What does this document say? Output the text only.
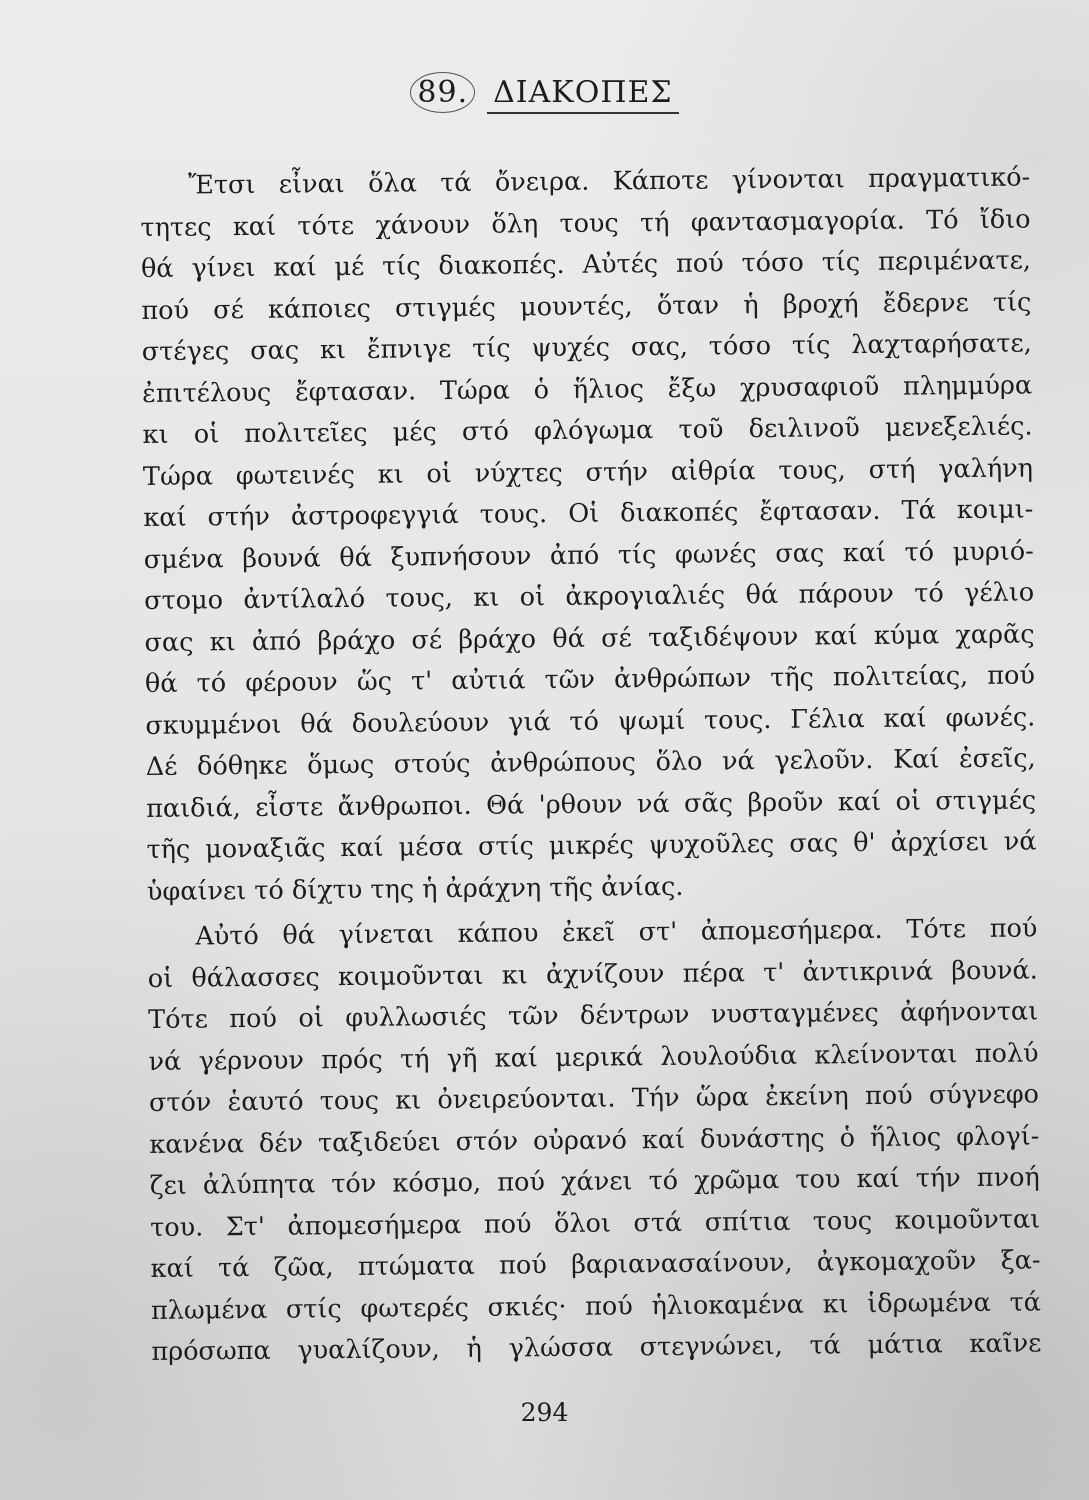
89. ΔΙΑΚΟΠΕΣ
Ἔτσι εἶναι ὅλα τά ὄνειρα. Κάποτε γίνονται πραγματικό-
τητες καί τότε χάνουν ὅλη τους τή φαντασμαγορία. Τό ἴδιο
θά γίνει καί μέ τίς διακοπές. Αὐτές πού τόσο τίς περιμένατε,
πού σέ κάποιες στιγμές μουντές, ὅταν ἡ βροχή ἔδερνε τίς
στέγες σας κι ἔπνιγε τίς ψυχές σας, τόσο τίς λαχταρήσατε,
ἐπιτέλους ἔφτασαν. Τώρα ὁ ἥλιος ἔξω χρυσαφιοῦ πλημμύρα
κι οἱ πολιτεῖες μές στό φλόγωμα τοῦ δειλινοῦ μενεξελιές.
Τώρα φωτεινές κι οἱ νύχτες στήν αἰθρία τους, στή γαλήνη
καί στήν ἀστροφεγγιά τους. Οἱ διακοπές ἔφτασαν. Τά κοιμι-
σμένα βουνά θά ξυπνήσουν ἀπό τίς φωνές σας καί τό μυριό-
στομο ἀντίλαλό τους, κι οἱ ἀκρογιαλιές θά πάρουν τό γέλιο
σας κι ἀπό βράχο σέ βράχο θά σέ ταξιδέψουν καί κύμα χαρᾶς
θά τό φέρουν ὥς τ' αὐτιά τῶν ἀνθρώπων τῆς πολιτείας, πού
σκυμμένοι θά δουλεύουν γιά τό ψωμί τους. Γέλια καί φωνές.
Δέ δόθηκε ὅμως στούς ἀνθρώπους ὅλο νά γελοῦν. Καί ἐσεῖς,
παιδιά, εἶστε ἄνθρωποι. Θά 'ρθουν νά σᾶς βροῦν καί οἱ στιγμές
τῆς μοναξιᾶς καί μέσα στίς μικρές ψυχοῦλες σας θ' ἀρχίσει νά
ὑφαίνει τό δίχτυ της ἡ ἀράχνη τῆς ἀνίας.
Αὐτό θά γίνεται κάπου ἐκεῖ στ' ἀπομεσήμερα. Τότε πού
οἱ θάλασσες κοιμοῦνται κι ἀχνίζουν πέρα τ' ἀντικρινά βουνά.
Τότε πού οἱ φυλλωσιές τῶν δέντρων νυσταγμένες ἀφήνονται
νά γέρνουν πρός τή γῆ καί μερικά λουλούδια κλείνονται πολύ
στόν ἑαυτό τους κι ὀνειρεύονται. Τήν ὥρα ἐκείνη πού σύγνεφο
κανένα δέν ταξιδεύει στόν οὐρανό καί δυνάστης ὁ ἥλιος φλογί-
ζει ἀλύπητα τόν κόσμο, πού χάνει τό χρῶμα του καί τήν πνοή
του. Στ' ἀπομεσήμερα πού ὅλοι στά σπίτια τους κοιμοῦνται
καί τά ζῶα, πτώματα πού βαριανασαίνουν, ἀγκομαχοῦν ξα-
πλωμένα στίς φωτερές σκιές· πού ἡλιοκαμένα κι ἱδρωμένα τά
πρόσωπα γυαλίζουν, ἡ γλώσσα στεγνώνει, τά μάτια καῖνε
294
